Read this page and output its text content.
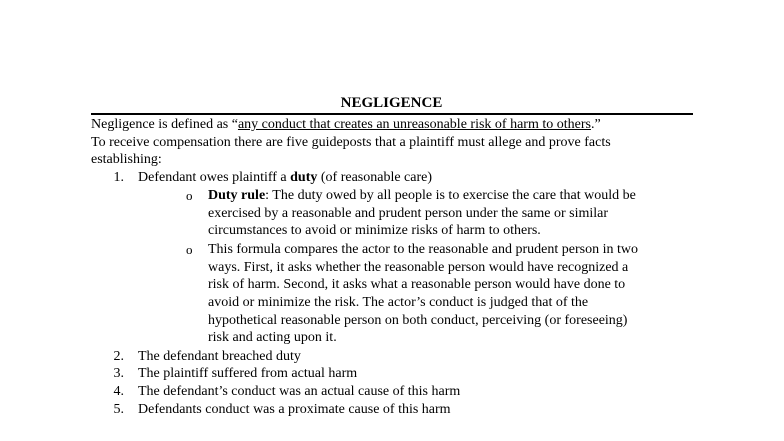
NEGLIGENCE
Negligence is defined as “any conduct that creates an unreasonable risk of harm to others.”
To receive compensation there are five guideposts that a plaintiff must allege and prove facts
establishing:
1. Defendant owes plaintiff a duty (of reasonable care)
o Duty rule: The duty owed by all people is to exercise the care that would be
exercised by a reasonable and prudent person under the same or similar
circumstances to avoid or minimize risks of harm to others.
o This formula compares the actor to the reasonable and prudent person in two
ways. First, it asks whether the reasonable person would have recognized a
risk of harm. Second, it asks what a reasonable person would have done to
avoid or minimize the risk. The actor’s conduct is judged that of the
hypothetical reasonable person on both conduct, perceiving (or foreseeing)
risk and acting upon it.
2. The defendant breached duty
3. The plaintiff suffered from actual harm
4. The defendant’s conduct was an actual cause of this harm
5. Defendants conduct was a proximate cause of this harm
